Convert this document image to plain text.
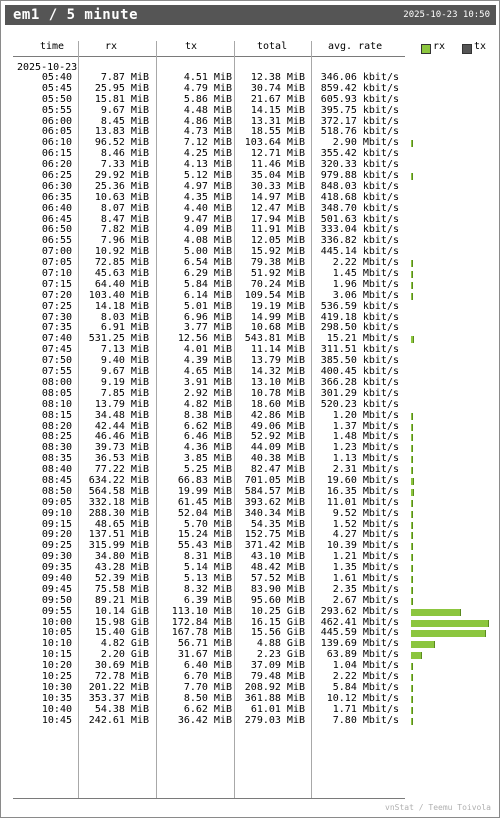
em1 / 5 minute	2025-10-23 10:50
time	rx	tx	total	avg. rate	rx	tx
2025-10-23
05:40	7.87 MiB	4.51 MiB 12.38 MiB 346.06 kbit/s
05:45 25.95 MiB	4.79 MiB 30.74 MiB 859.42 kbit/s
05:50 15.81 MiB	5.86 MiB 21.67 MiB 605.93 kbit/s
05:55	9.67 MiB	4.48 MiB 14.15 MiB 395.75 kbit/s
06:00	8.45 MiB	4.86 MiB 13.31 MiB 372.17 kbit/s
06:05 13.83 MiB	4.73 MiB 18.55 MiB 518.76 kbit/s
06:10 96.52 MiB	7.12 MiB 103.64 MiB	2.90 Mbit/s
06:15	8.46 MiB	4.25 MiB 12.71 MiB 355.42 kbit/s
06:20	7.33 MiB	4.13 MiB 11.46 MiB 320.33 kbit/s
06:25 29.92 MiB	5.12 MiB 35.04 MiB 979.88 kbit/s
06:30 25.36 MiB	4.97 MiB 30.33 MiB 848.03 kbit/s
06:35 10.63 MiB	4.35 MiB 14.97 MiB 418.68 kbit/s
06:40	8.07 MiB	4.40 MiB 12.47 MiB 348.70 kbit/s
06:45	8.47 MiB	9.47 MiB 17.94 MiB 501.63 kbit/s
06:50	7.82 MiB	4.09 MiB 11.91 MiB 333.04 kbit/s
06:55	7.96 MiB	4.08 MiB 12.05 MiB 336.82 kbit/s
07:00 10.92 MiB	5.00 MiB 15.92 MiB 445.14 kbit/s
07:05 72.85 MiB	6.54 MiB 79.38 MiB	2.22 Mbit/s
07:10 45.63 MiB	6.29 MiB 51.92 MiB	1.45 Mbit/s
07:15 64.40 MiB	5.84 MiB 70.24 MiB	1.96 Mbit/s
07:20 103.40 MiB	6.14 MiB 109.54 MiB	3.06 Mbit/s
07:25 14.18 MiB	5.01 MiB 19.19 MiB 536.59 kbit/s
07:30	8.03 MiB	6.96 MiB 14.99 MiB 419.18 kbit/s
07:35	6.91 MiB	3.77 MiB 10.68 MiB 298.50 kbit/s
07:40 531.25 MiB	12.56 MiB 543.81 MiB 15.21 Mbit/s
07:45	7.13 MiB	4.01 MiB 11.14 MiB 311.51 kbit/s
07:50	9.40 MiB	4.39 MiB 13.79 MiB 385.50 kbit/s
07:55	9.67 MiB	4.65 MiB 14.32 MiB 400.45 kbit/s
08:00	9.19 MiB	3.91 MiB 13.10 MiB 366.28 kbit/s
08:05	7.85 MiB	2.92 MiB 10.78 MiB 301.29 kbit/s
08:10 13.79 MiB	4.82 MiB 18.60 MiB 520.23 kbit/s
08:15 34.48 MiB	8.38 MiB 42.86 MiB	1.20 Mbit/s
08:20 42.44 MiB	6.62 MiB 49.06 MiB	1.37 Mbit/s
08:25 46.46 MiB	6.46 MiB 52.92 MiB	1.48 Mbit/s
08:30 39.73 MiB	4.36 MiB 44.09 MiB	1.23 Mbit/s
08:35 36.53 MiB	3.85 MiB 40.38 MiB	1.13 Mbit/s
08:40 77.22 MiB	5.25 MiB 82.47 MiB	2.31 Mbit/s
08:45 634.22 MiB	66.83 MiB 701.05 MiB 19.60 Mbit/s
08:50 564.58 MiB	19.99 MiB 584.57 MiB 16.35 Mbit/s
09:05 332.18 MiB	61.45 MiB 393.62 MiB 11.01 Mbit/s
09:10 288.30 MiB	52.04 MiB 340.34 MiB	9.52 Mbit/s
09:15 48.65 MiB	5.70 MiB 54.35 MiB	1.52 Mbit/s
09:20 137.51 MiB	15.24 MiB 152.75 MiB	4.27 Mbit/s
09:25 315.99 MiB	55.43 MiB 371.42 MiB 10.39 Mbit/s
09:30 34.80 MiB	8.31 MiB 43.10 MiB	1.21 Mbit/s
09:35 43.28 MiB	5.14 MiB 48.42 MiB	1.35 Mbit/s
09:40 52.39 MiB	5.13 MiB 57.52 MiB	1.61 Mbit/s
09:45 75.58 MiB	8.32 MiB 83.90 MiB	2.35 Mbit/s
09:50 89.21 MiB	6.39 MiB 95.60 MiB	2.67 Mbit/s
09:55 10.14 GiB 113.10 MiB 10.25 GiB 293.62 Mbit/s
10:00 15.98 GiB 172.84 MiB 16.15 GiB 462.41 Mbit/s
10:05 15.40 GiB 167.78 MiB 15.56 GiB 445.59 Mbit/s
10:10	4.82 GiB	56.71 MiB 4.88 GiB 139.69 Mbit/s
10:15	2.20 GiB	31.67 MiB 2.23 GiB 63.89 Mbit/s
10:20 30.69 MiB	6.40 MiB 37.09 MiB	1.04 Mbit/s
10:25 72.78 MiB	6.70 MiB 79.48 MiB	2.22 Mbit/s
10:30 201.22 MiB	7.70 MiB 208.92 MiB	5.84 Mbit/s
10:35 353.37 MiB	8.50 MiB 361.88 MiB 10.12 Mbit/s
10:40 54.38 MiB	6.62 MiB 61.01 MiB	1.71 Mbit/s
10:45 242.61 MiB	36.42 MiB 279.03 MiB	7.80 Mbit/s
vnStat / Teemu Toivola
